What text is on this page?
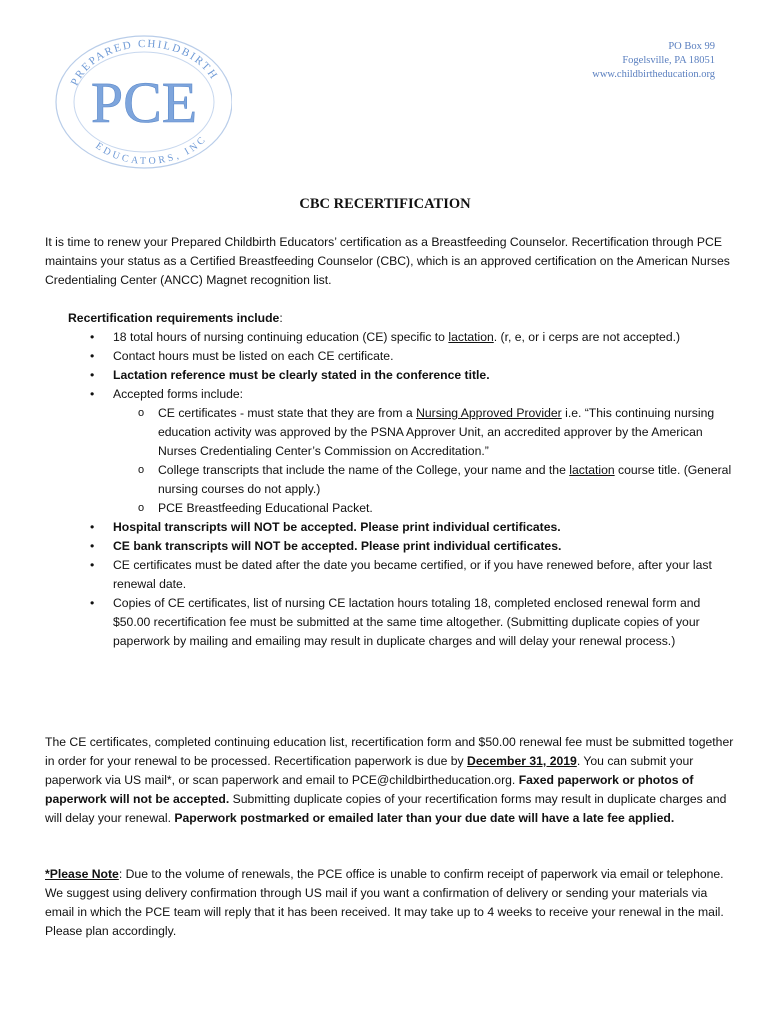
PREPARED CHILDBIRTH
PCE
EDUCATORS, INC
PO Box 99
Fogelsville, PA 18051
www.childbirtheducation.org
CBC RECERTIFICATION
It is time to renew your Prepared Childbirth Educators’ certification as a Breastfeeding Counselor. Recertification through PCE maintains your status as a Certified Breastfeeding Counselor (CBC), which is an approved certification on the American Nurses Credentialing Center (ANCC) Magnet recognition list.
Recertification requirements include:
• 18 total hours of nursing continuing education (CE) specific to lactation. (r, e, or i cerps are not accepted.)
• Contact hours must be listed on each CE certificate.
• Lactation reference must be clearly stated in the conference title.
• Accepted forms include:
o CE certificates - must state that they are from a Nursing Approved Provider i.e. “This continuing nursing education activity was approved by the PSNA Approver Unit, an accredited approver by the American Nurses Credentialing Center’s Commission on Accreditation.”
o College transcripts that include the name of the College, your name and the lactation course title. (General nursing courses do not apply.)
o PCE Breastfeeding Educational Packet.
• Hospital transcripts will NOT be accepted. Please print individual certificates.
• CE bank transcripts will NOT be accepted. Please print individual certificates.
• CE certificates must be dated after the date you became certified, or if you have renewed before, after your last renewal date.
• Copies of CE certificates, list of nursing CE lactation hours totaling 18, completed enclosed renewal form and $50.00 recertification fee must be submitted at the same time altogether. (Submitting duplicate copies of your paperwork by mailing and emailing may result in duplicate charges and will delay your renewal process.)
The CE certificates, completed continuing education list, recertification form and $50.00 renewal fee must be submitted together in order for your renewal to be processed. Recertification paperwork is due by December 31, 2019. You can submit your paperwork via US mail*, or scan paperwork and email to PCE@childbirtheducation.org. Faxed paperwork or photos of paperwork will not be accepted. Submitting duplicate copies of your recertification forms may result in duplicate charges and will delay your renewal. Paperwork postmarked or emailed later than your due date will have a late fee applied.
*Please Note: Due to the volume of renewals, the PCE office is unable to confirm receipt of paperwork via email or telephone. We suggest using delivery confirmation through US mail if you want a confirmation of delivery or sending your materials via email in which the PCE team will reply that it has been received. It may take up to 4 weeks to receive your renewal in the mail. Please plan accordingly.
